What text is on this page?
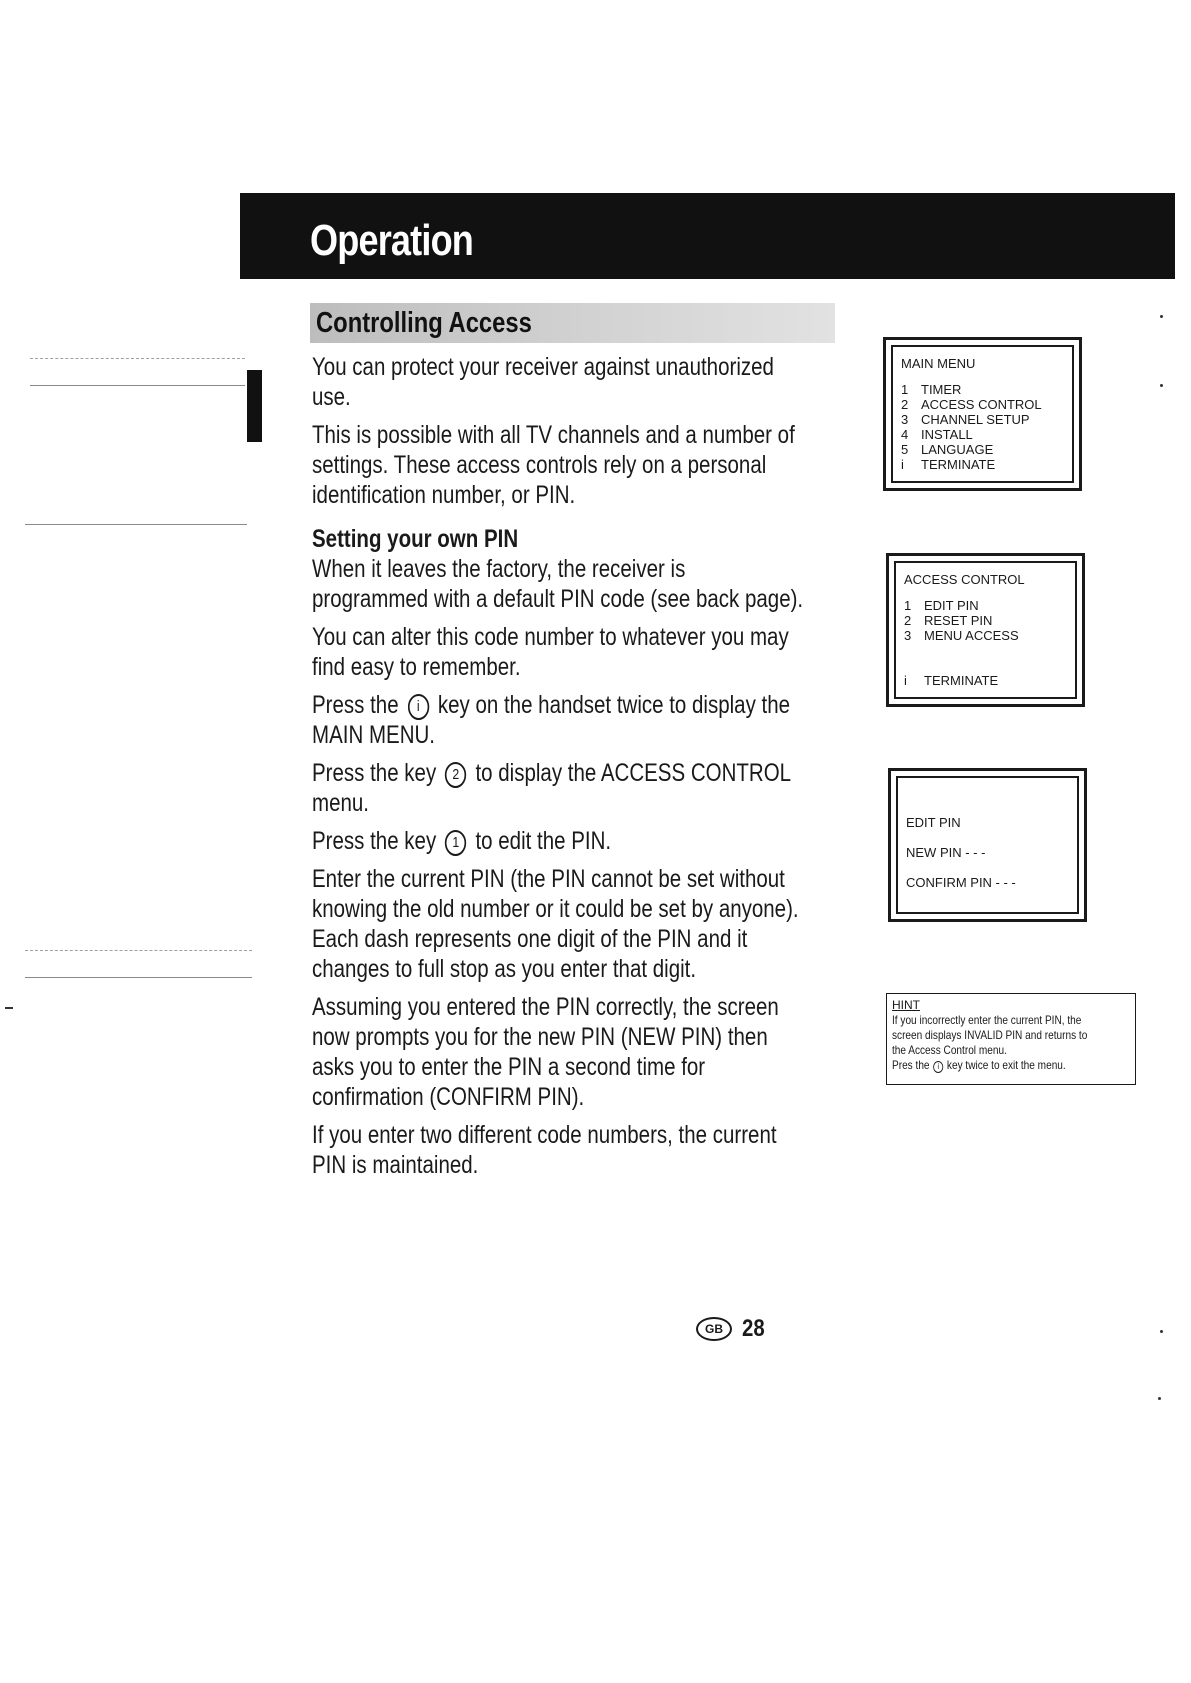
Operation
Controlling Access

You can protect your receiver against unauthorized use.

This is possible with all TV channels and a number of settings. These access controls rely on a personal identification number, or PIN.

Setting your own PIN

When it leaves the factory, the receiver is programmed with a default PIN code (see back page).

You can alter this code number to whatever you may find easy to remember.

Press the i key on the handset twice to display the MAIN MENU.

Press the key 2 to display the ACCESS CONTROL menu.

Press the key 1 to edit the PIN.

Enter the current PIN (the PIN cannot be set without knowing the old number or it could be set by anyone). Each dash represents one digit of the PIN and it changes to full stop as you enter that digit.

Assuming you entered the PIN correctly, the screen now prompts you for the new PIN (NEW PIN) then asks you to enter the PIN a second time for confirmation (CONFIRM PIN).

If you enter two different code numbers, the current PIN is maintained.

MAIN MENU
1 TIMER
2 ACCESS CONTROL
3 CHANNEL SETUP
4 INSTALL
5 LANGUAGE
i	TERMINATE
ACCESS CONTROL
1 EDIT PIN
2 RESET PIN
3 MENU ACCESS
i	TERMINATE
EDIT PIN
NEW PIN - - -
CONFIRM PIN - - -
HINT
If you incorrectly enter the current PIN, the
screen displays INVALID PIN and returns to
the Access Control menu.
Pres the i key twice to exit the menu.
GB 28
